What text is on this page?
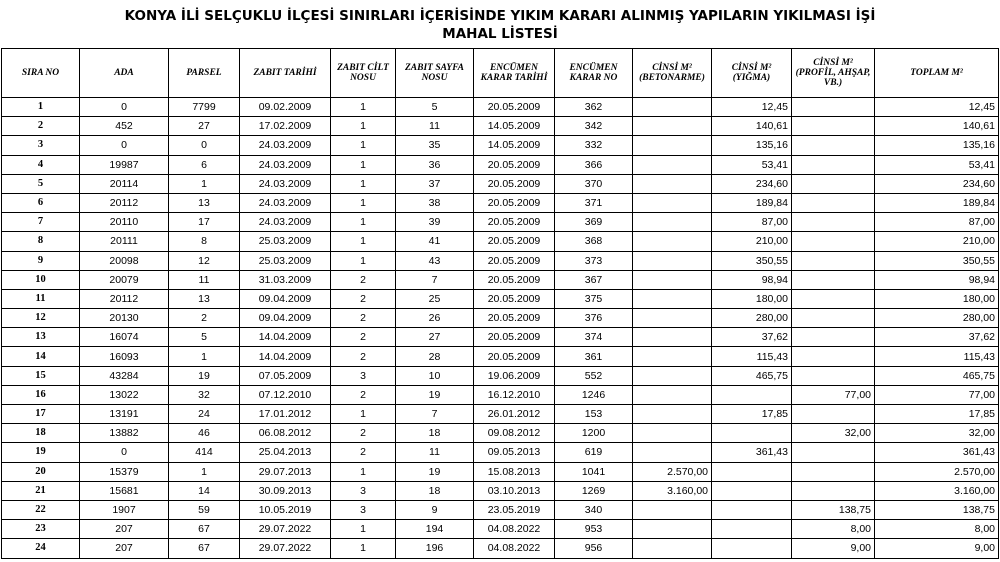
KONYA İLİ SELÇUKLU İLÇESİ SINIRLARI İÇERİSİNDE YIKIM KARARI ALINMIŞ YAPILARIN YIKILMASI İŞİ
MAHAL LİSTESİ
SIRA NO	ADA	PARSEL	ZABIT TARİHİ	ZABIT CİLT NOSU	ZABIT SAYFA NOSU	ENCÜMEN KARAR TARİHİ	ENCÜMEN KARAR NO	CİNSİ M² (BETONARME)	CİNSİ M² (YIĞMA)	CİNSİ M² (PROFİL, AHŞAP, VB.)	TOPLAM M²
1	0	7799	09.02.2009	1	5	20.05.2009	362		12,45		12,45
2	452	27	17.02.2009	1	11	14.05.2009	342		140,61		140,61
3	0	0	24.03.2009	1	35	14.05.2009	332		135,16		135,16
4	19987	6	24.03.2009	1	36	20.05.2009	366		53,41		53,41
5	20114	1	24.03.2009	1	37	20.05.2009	370		234,60		234,60
6	20112	13	24.03.2009	1	38	20.05.2009	371		189,84		189,84
7	20110	17	24.03.2009	1	39	20.05.2009	369		87,00		87,00
8	20111	8	25.03.2009	1	41	20.05.2009	368		210,00		210,00
9	20098	12	25.03.2009	1	43	20.05.2009	373		350,55		350,55
10	20079	11	31.03.2009	2	7	20.05.2009	367		98,94		98,94
11	20112	13	09.04.2009	2	25	20.05.2009	375		180,00		180,00
12	20130	2	09.04.2009	2	26	20.05.2009	376		280,00		280,00
13	16074	5	14.04.2009	2	27	20.05.2009	374		37,62		37,62
14	16093	1	14.04.2009	2	28	20.05.2009	361		115,43		115,43
15	43284	19	07.05.2009	3	10	19.06.2009	552		465,75		465,75
16	13022	32	07.12.2010	2	19	16.12.2010	1246			77,00	77,00
17	13191	24	17.01.2012	1	7	26.01.2012	153		17,85		17,85
18	13882	46	06.08.2012	2	18	09.08.2012	1200			32,00	32,00
19	0	414	25.04.2013	2	11	09.05.2013	619		361,43		361,43
20	15379	1	29.07.2013	1	19	15.08.2013	1041	2.570,00			2.570,00
21	15681	14	30.09.2013	3	18	03.10.2013	1269	3.160,00			3.160,00
22	1907	59	10.05.2019	3	9	23.05.2019	340			138,75	138,75
23	207	67	29.07.2022	1	194	04.08.2022	953			8,00	8,00
24	207	67	29.07.2022	1	196	04.08.2022	956			9,00	9,00
